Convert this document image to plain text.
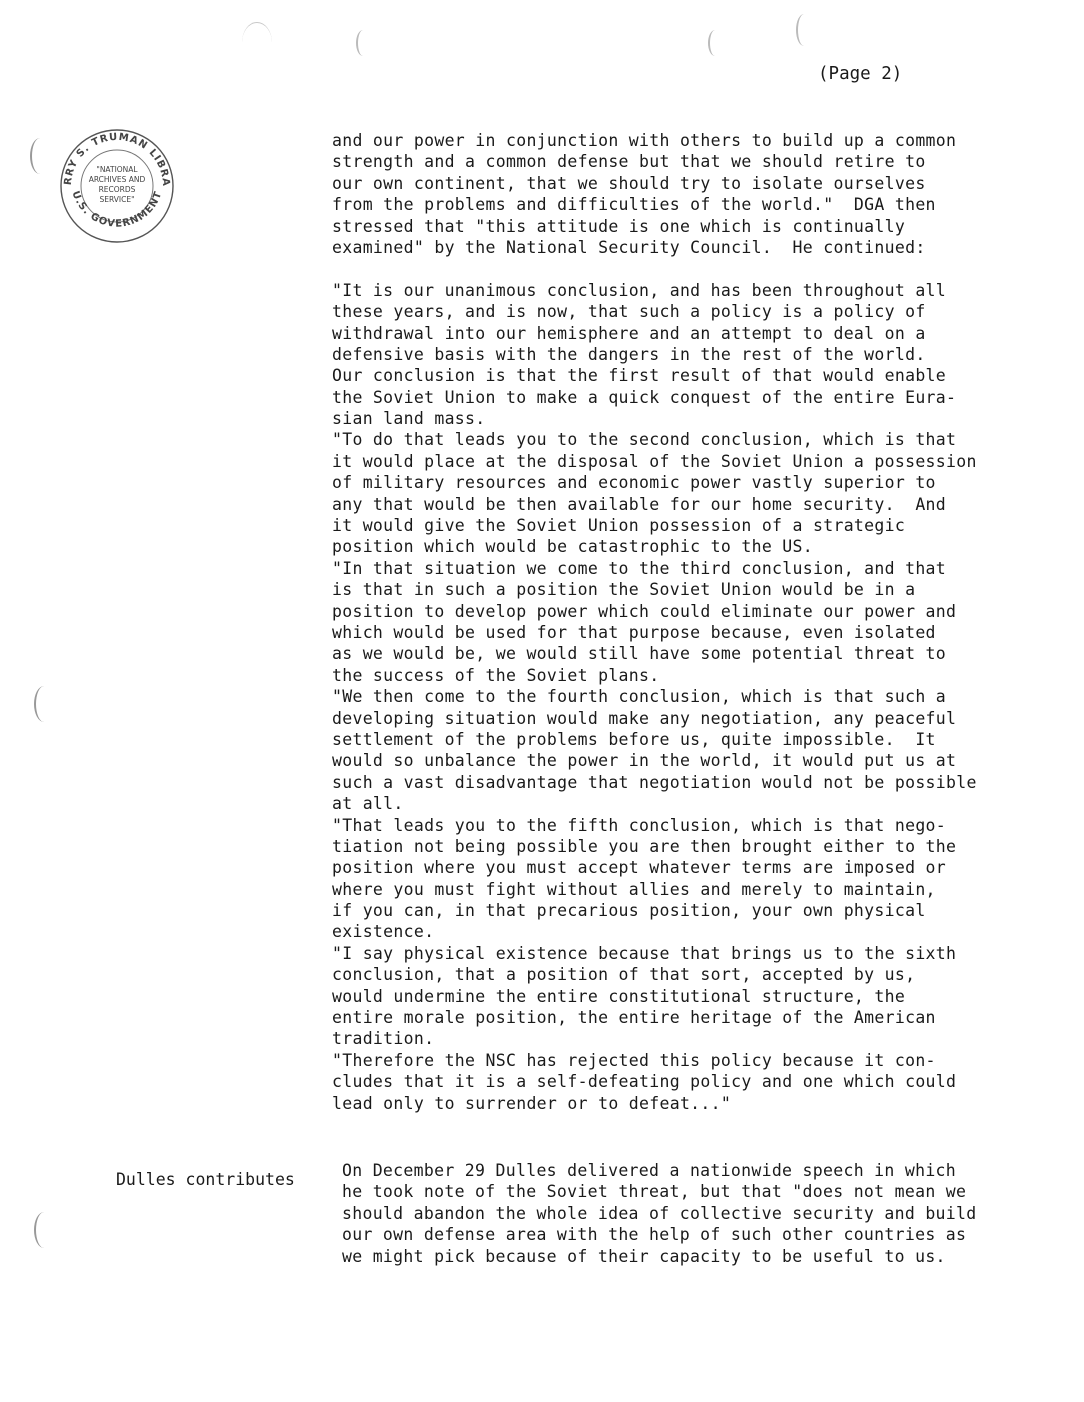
RRY S. TRUMAN LIBRA
U.S. GOVERNMENT
"NATIONAL
ARCHIVES AND
RECORDS
SERVICE"
(Page 2)
and our power in conjunction with others to build up a common
strength and a common defense but that we should retire to
our own continent, that we should try to isolate ourselves
from the problems and difficulties of the world."  DGA then
stressed that "this attitude is one which is continually
examined" by the National Security Council.  He continued:
"It is our unanimous conclusion, and has been throughout all
these years, and is now, that such a policy is a policy of
withdrawal into our hemisphere and an attempt to deal on a
defensive basis with the dangers in the rest of the world.
Our conclusion is that the first result of that would enable
the Soviet Union to make a quick conquest of the entire Eura-
sian land mass.
"To do that leads you to the second conclusion, which is that
it would place at the disposal of the Soviet Union a possession
of military resources and economic power vastly superior to
any that would be then available for our home security.  And
it would give the Soviet Union possession of a strategic
position which would be catastrophic to the US.
"In that situation we come to the third conclusion, and that
is that in such a position the Soviet Union would be in a
position to develop power which could eliminate our power and
which would be used for that purpose because, even isolated
as we would be, we would still have some potential threat to
the success of the Soviet plans.
"We then come to the fourth conclusion, which is that such a
developing situation would make any negotiation, any peaceful
settlement of the problems before us, quite impossible.  It
would so unbalance the power in the world, it would put us at
such a vast disadvantage that negotiation would not be possible
at all.
"That leads you to the fifth conclusion, which is that nego-
tiation not being possible you are then brought either to the
position where you must accept whatever terms are imposed or
where you must fight without allies and merely to maintain,
if you can, in that precarious position, your own physical
existence.
"I say physical existence because that brings us to the sixth
conclusion, that a position of that sort, accepted by us,
would undermine the entire constitutional structure, the
entire morale position, the entire heritage of the American
tradition.
"Therefore the NSC has rejected this policy because it con-
cludes that it is a self-defeating policy and one which could
lead only to surrender or to defeat..."
Dulles contributes	On December 29 Dulles delivered a nationwide speech in which
he took note of the Soviet threat, but that "does not mean we
should abandon the whole idea of collective security and build
our own defense area with the help of such other countries as
we might pick because of their capacity to be useful to us.
